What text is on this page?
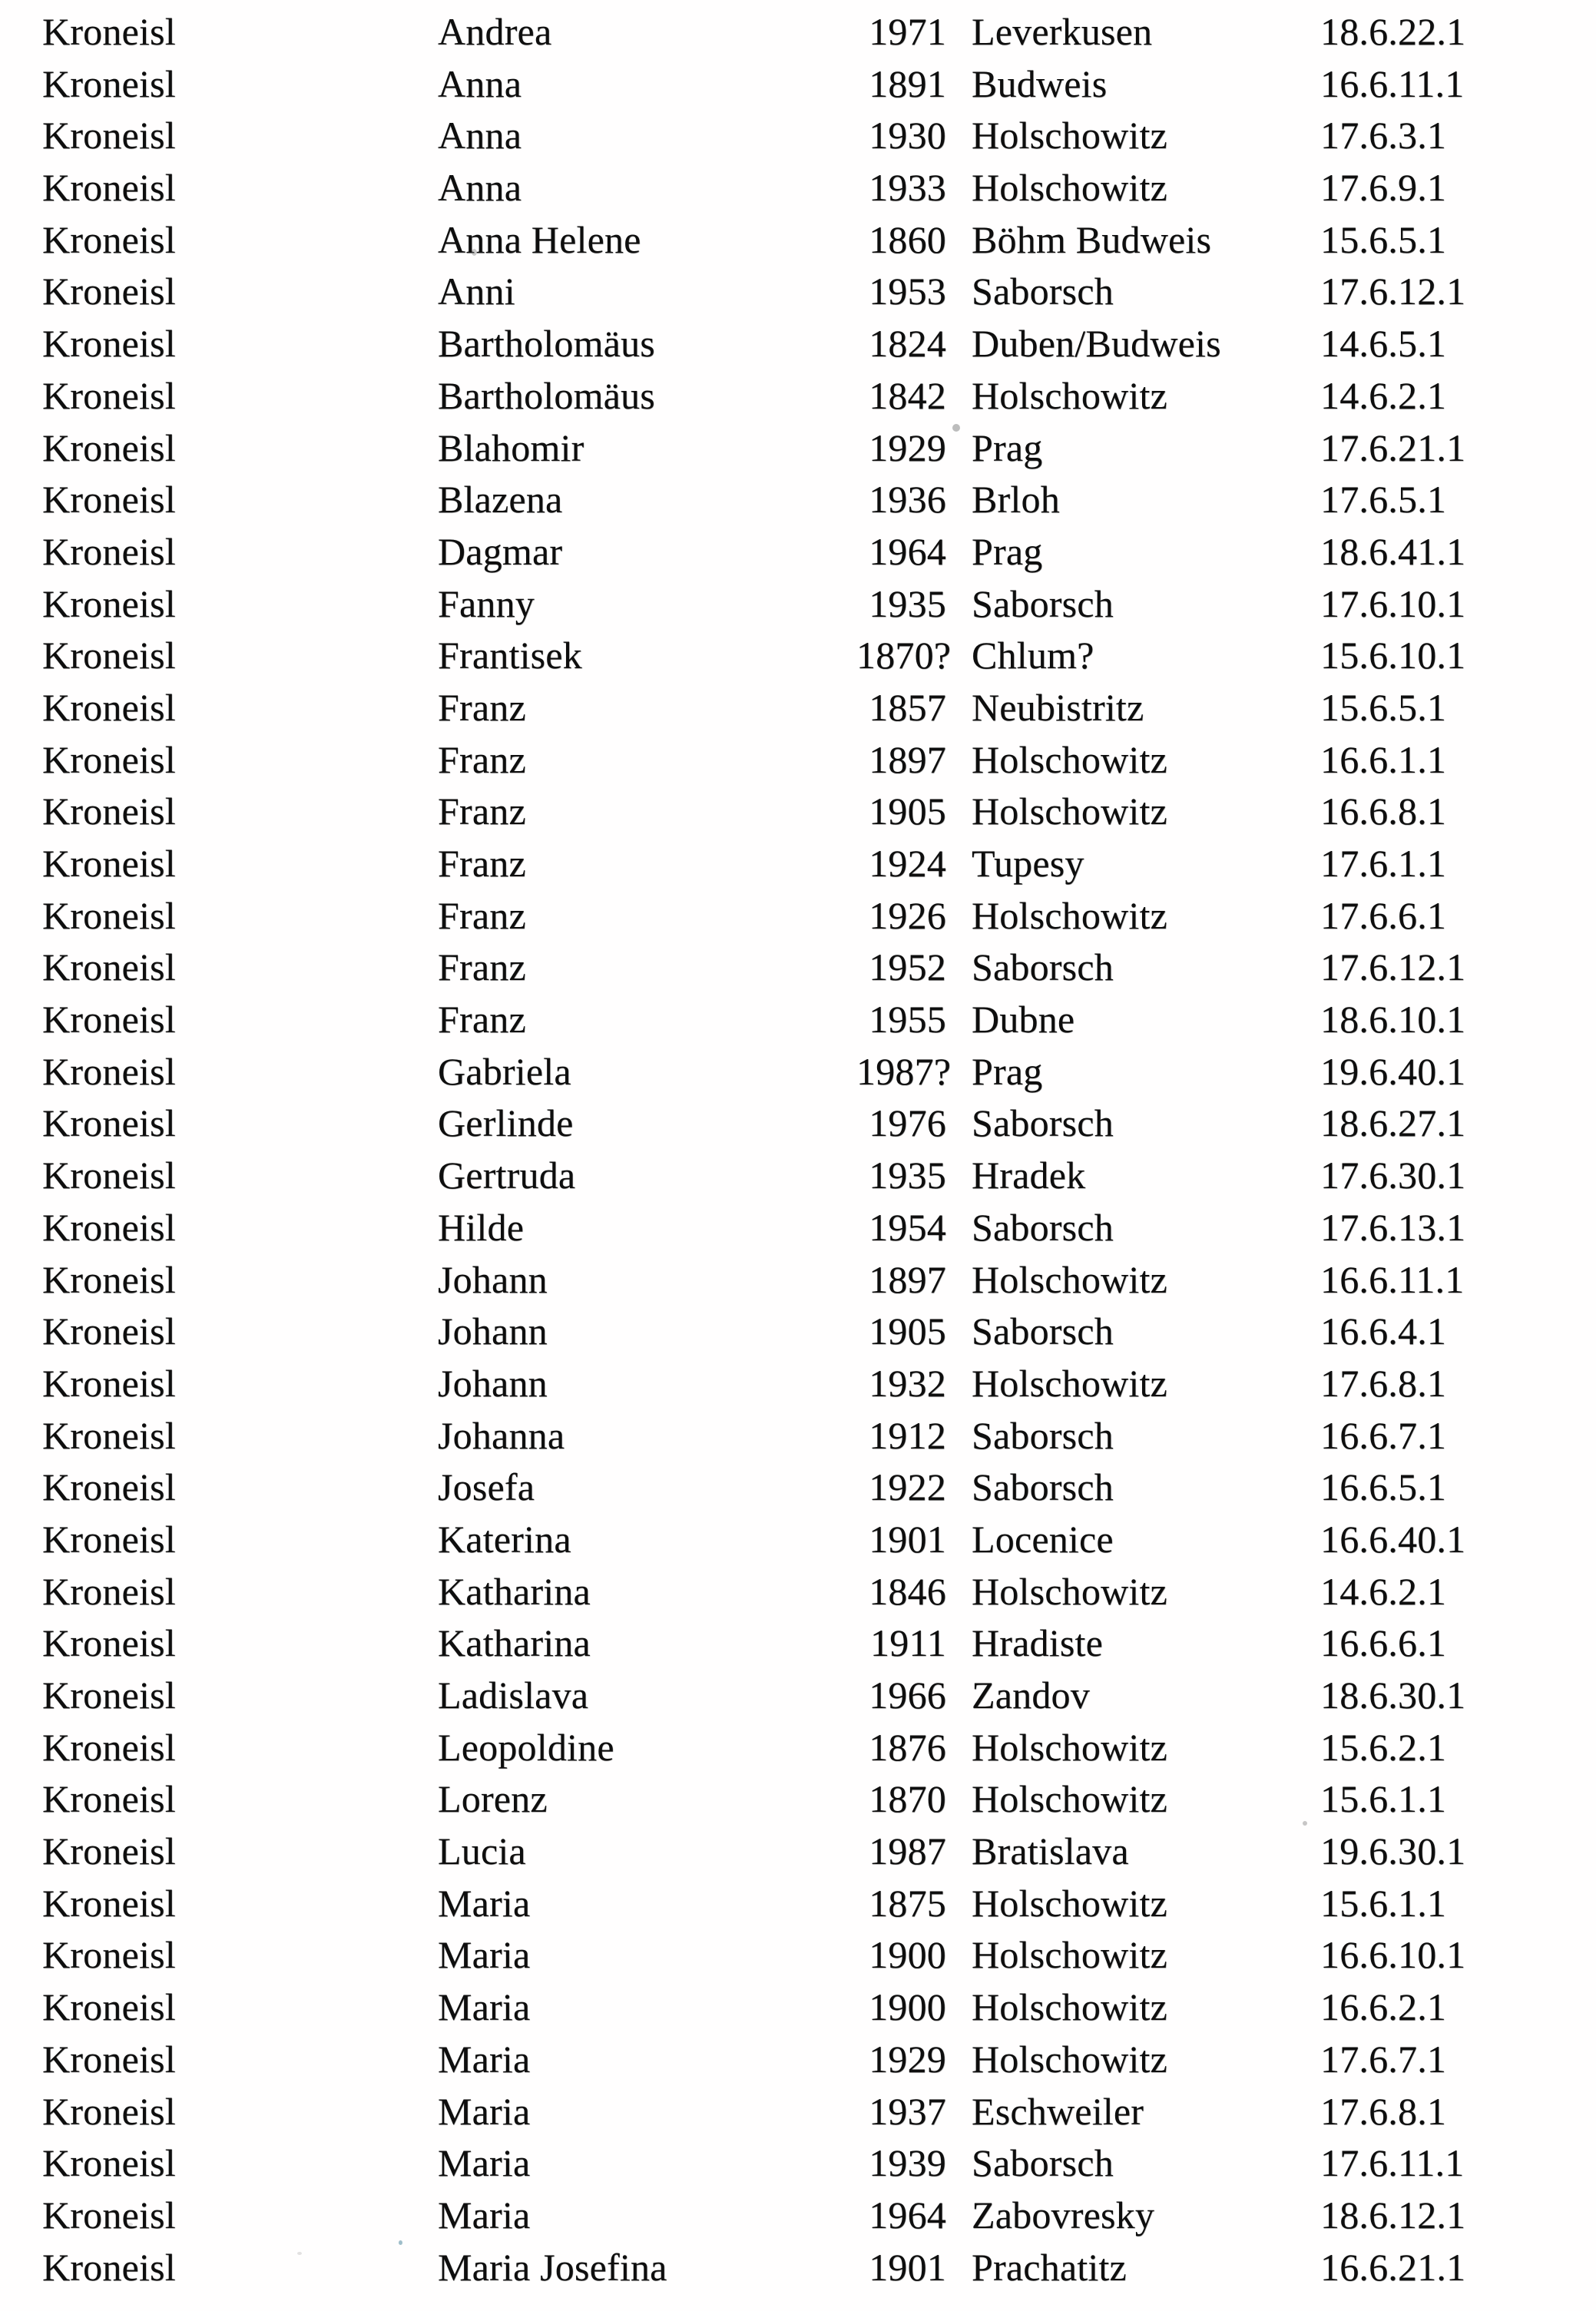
Kroneisl	Andrea	1971 Leverkusen	18.6.22.1
Kroneisl	Anna	1891 Budweis	16.6.11.1
Kroneisl	Anna	1930 Holschowitz	17.6.3.1
Kroneisl	Anna	1933 Holschowitz	17.6.9.1
Kroneisl	Anna Helene	1860 Böhm Budweis	15.6.5.1
Kroneisl	Anni	1953 Saborsch	17.6.12.1
Kroneisl	Bartholomäus	1824 Duben/Budweis	14.6.5.1
Kroneisl	Bartholomäus	1842 Holschowitz	14.6.2.1
Kroneisl	Blahomir	1929 Prag	17.6.21.1
Kroneisl	Blazena	1936 Brloh	17.6.5.1
Kroneisl	Dagmar	1964 Prag	18.6.41.1
Kroneisl	Fanny	1935 Saborsch	17.6.10.1
Kroneisl	Frantisek	1870? Chlum?	15.6.10.1
Kroneisl	Franz	1857 Neubistritz	15.6.5.1
Kroneisl	Franz	1897 Holschowitz	16.6.1.1
Kroneisl	Franz	1905 Holschowitz	16.6.8.1
Kroneisl	Franz	1924 Tupesy	17.6.1.1
Kroneisl	Franz	1926 Holschowitz	17.6.6.1
Kroneisl	Franz	1952 Saborsch	17.6.12.1
Kroneisl	Franz	1955 Dubne	18.6.10.1
Kroneisl	Gabriela	1987? Prag	19.6.40.1
Kroneisl	Gerlinde	1976 Saborsch	18.6.27.1
Kroneisl	Gertruda	1935 Hradek	17.6.30.1
Kroneisl	Hilde	1954 Saborsch	17.6.13.1
Kroneisl	Johann	1897 Holschowitz	16.6.11.1
Kroneisl	Johann	1905 Saborsch	16.6.4.1
Kroneisl	Johann	1932 Holschowitz	17.6.8.1
Kroneisl	Johanna	1912 Saborsch	16.6.7.1
Kroneisl	Josefa	1922 Saborsch	16.6.5.1
Kroneisl	Katerina	1901 Locenice	16.6.40.1
Kroneisl	Katharina	1846 Holschowitz	14.6.2.1
Kroneisl	Katharina	1911 Hradiste	16.6.6.1
Kroneisl	Ladislava	1966 Zandov	18.6.30.1
Kroneisl	Leopoldine	1876 Holschowitz	15.6.2.1
Kroneisl	Lorenz	1870 Holschowitz	15.6.1.1
Kroneisl	Lucia	1987 Bratislava	19.6.30.1
Kroneisl	Maria	1875 Holschowitz	15.6.1.1
Kroneisl	Maria	1900 Holschowitz	16.6.10.1
Kroneisl	Maria	1900 Holschowitz	16.6.2.1
Kroneisl	Maria	1929 Holschowitz	17.6.7.1
Kroneisl	Maria	1937 Eschweiler	17.6.8.1
Kroneisl	Maria	1939 Saborsch	17.6.11.1
Kroneisl	Maria	1964 Zabovresky	18.6.12.1
Kroneisl	Maria Josefina	1901 Prachatitz	16.6.21.1
